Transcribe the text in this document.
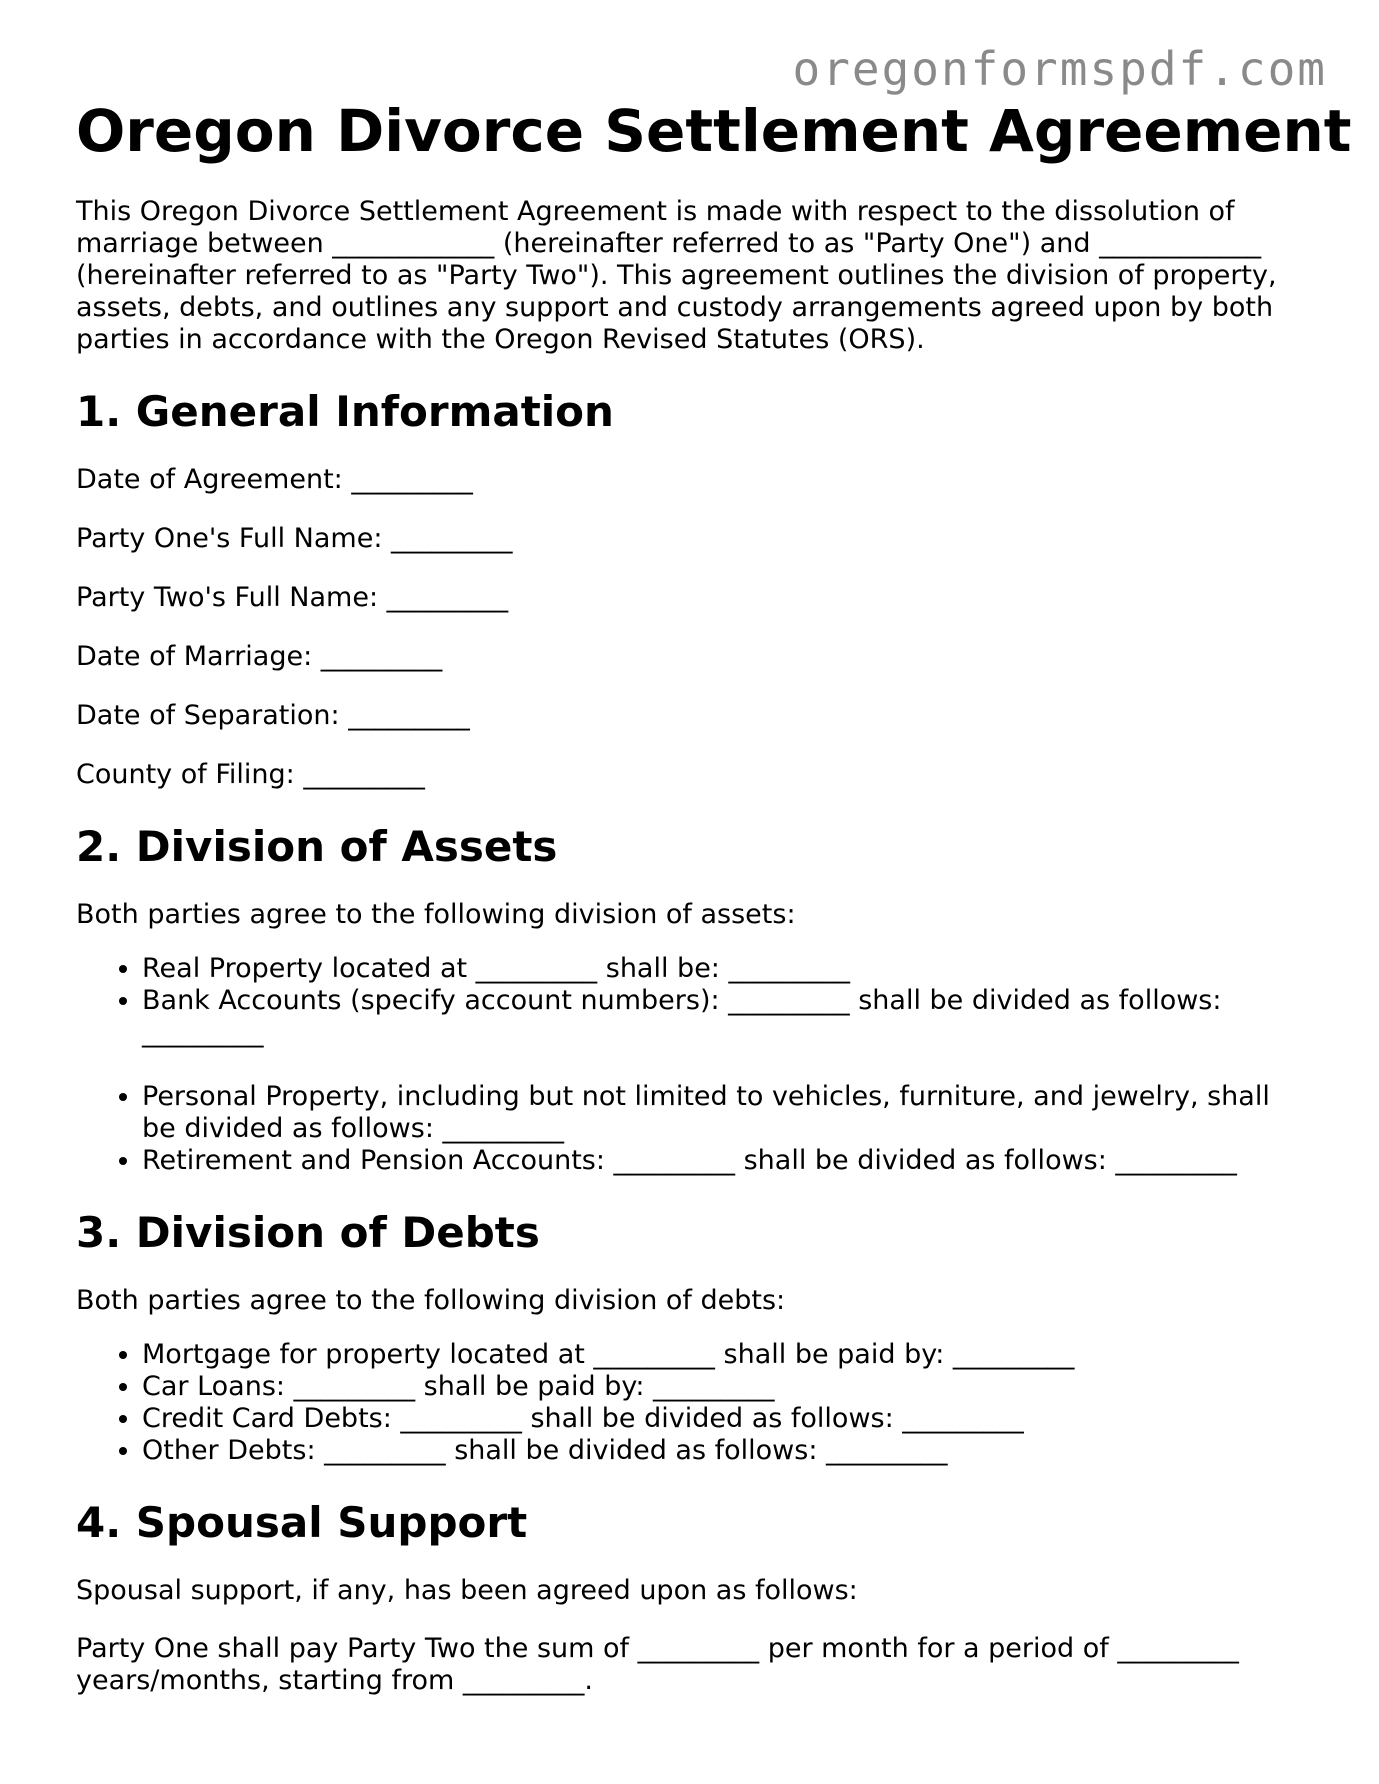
oregonformspdf.com
Oregon Divorce Settlement Agreement

This Oregon Divorce Settlement Agreement is made with respect to the dissolution of marriage between ____________ (hereinafter referred to as "Party One") and ____________ (hereinafter referred to as "Party Two"). This agreement outlines the division of property, assets, debts, and outlines any support and custody arrangements agreed upon by both parties in accordance with the Oregon Revised Statutes (ORS).

1. General Information

Date of Agreement: _________

Party One's Full Name: _________

Party Two's Full Name: _________

Date of Marriage: _________

Date of Separation: _________

County of Filing: _________

2. Division of Assets

Both parties agree to the following division of assets:

• Real Property located at _________ shall be: _________
• Bank Accounts (specify account numbers): _________ shall be divided as follows: _________
• Personal Property, including but not limited to vehicles, furniture, and jewelry, shall be divided as follows: _________
• Retirement and Pension Accounts: _________ shall be divided as follows: _________
3. Division of Debts

Both parties agree to the following division of debts:

• Mortgage for property located at _________ shall be paid by: _________
• Car Loans: _________ shall be paid by: _________
• Credit Card Debts: _________ shall be divided as follows: _________
• Other Debts: _________ shall be divided as follows: _________
4. Spousal Support

Spousal support, if any, has been agreed upon as follows:

Party One shall pay Party Two the sum of _________ per month for a period of _________ years/months, starting from _________.
